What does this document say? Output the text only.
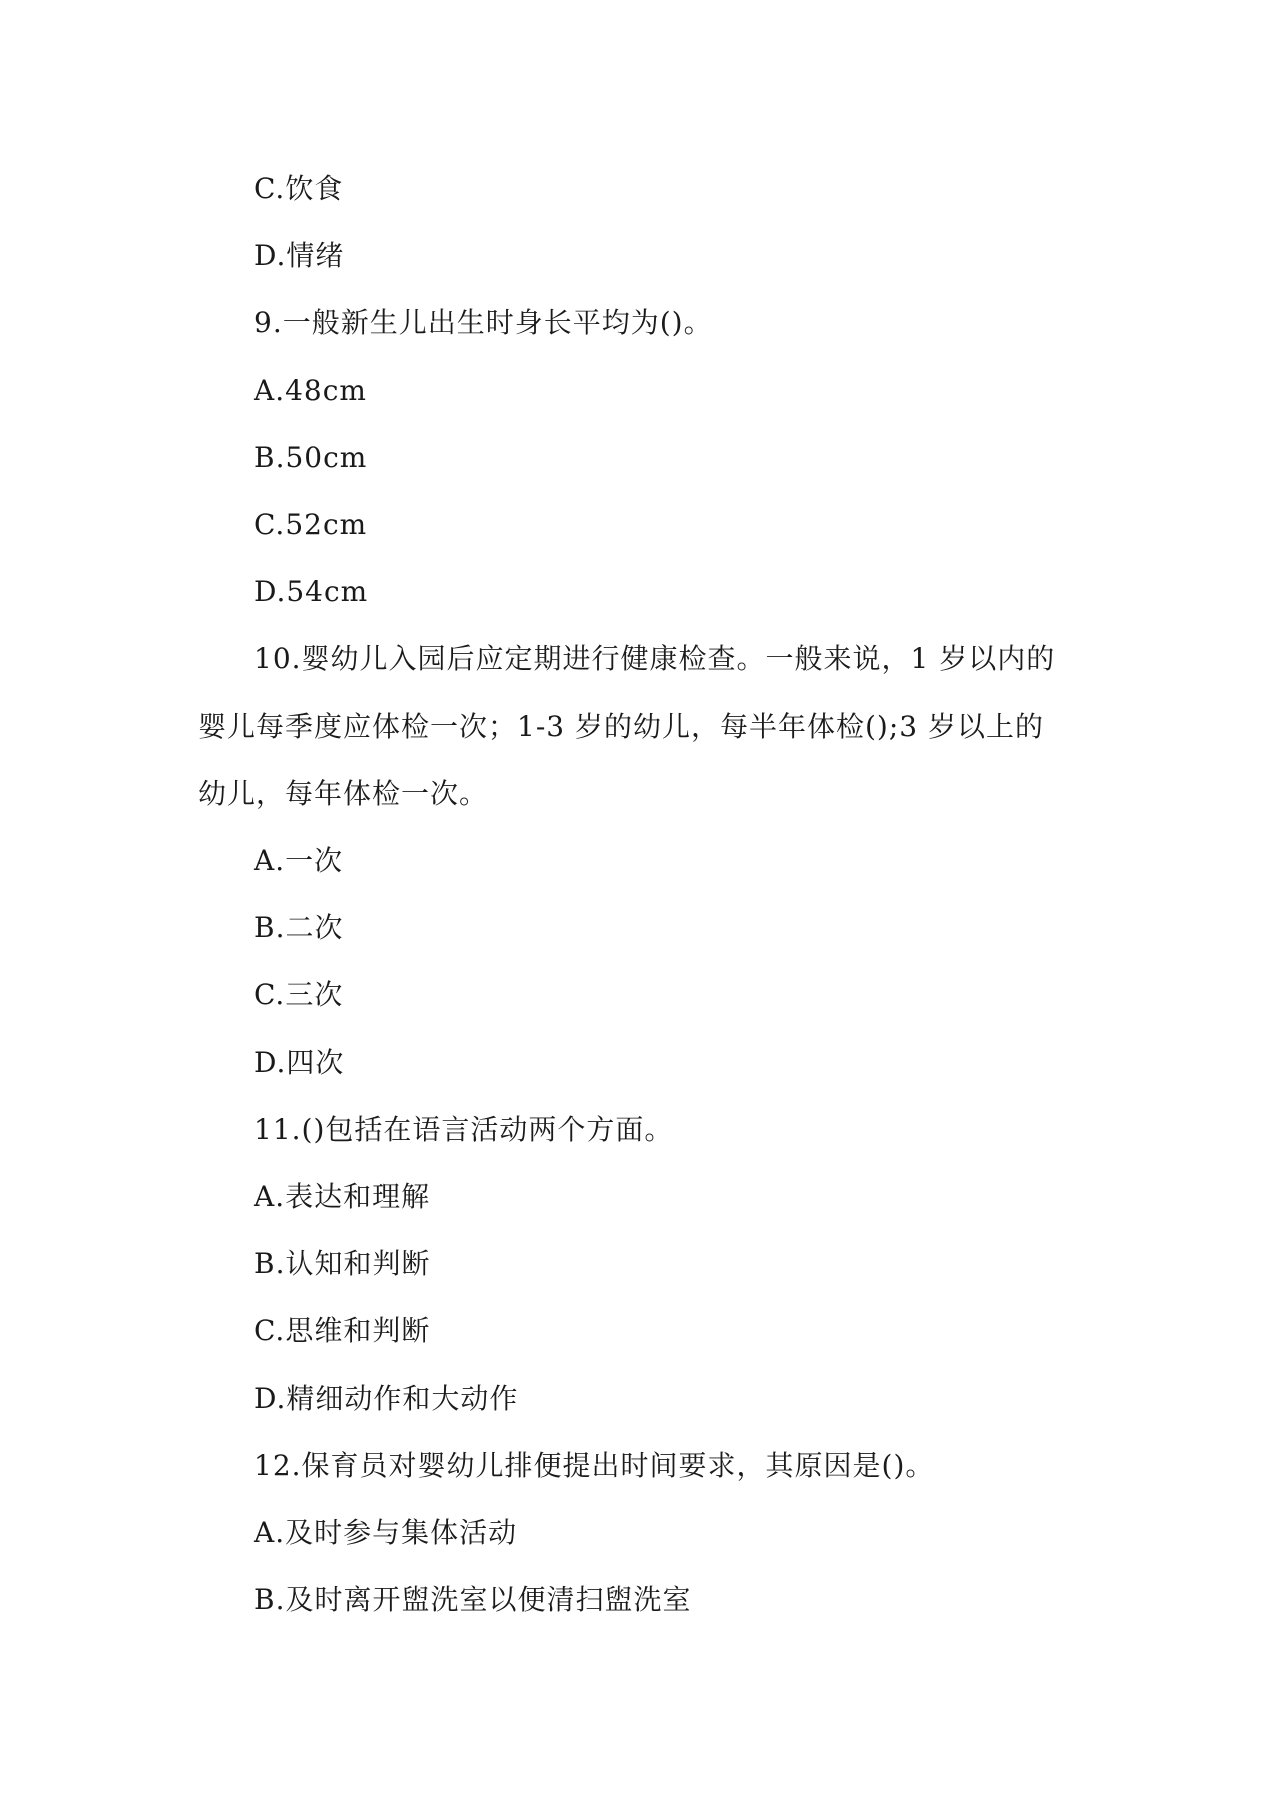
C.饮食
D.情绪
9.一般新生儿出生时身长平均为()。
A.48cm
B.50cm
C.52cm
D.54cm
10.婴幼儿入园后应定期进行健康检查。一般来说，1 岁以内的
婴儿每季度应体检一次；1-3 岁的幼儿，每半年体检();3 岁以上的
幼儿，每年体检一次。
A.一次
B.二次
C.三次
D.四次
11.()包括在语言活动两个方面。
A.表达和理解
B.认知和判断
C.思维和判断
D.精细动作和大动作
12.保育员对婴幼儿排便提出时间要求，其原因是()。
A.及时参与集体活动
B.及时离开盥洗室以便清扫盥洗室
